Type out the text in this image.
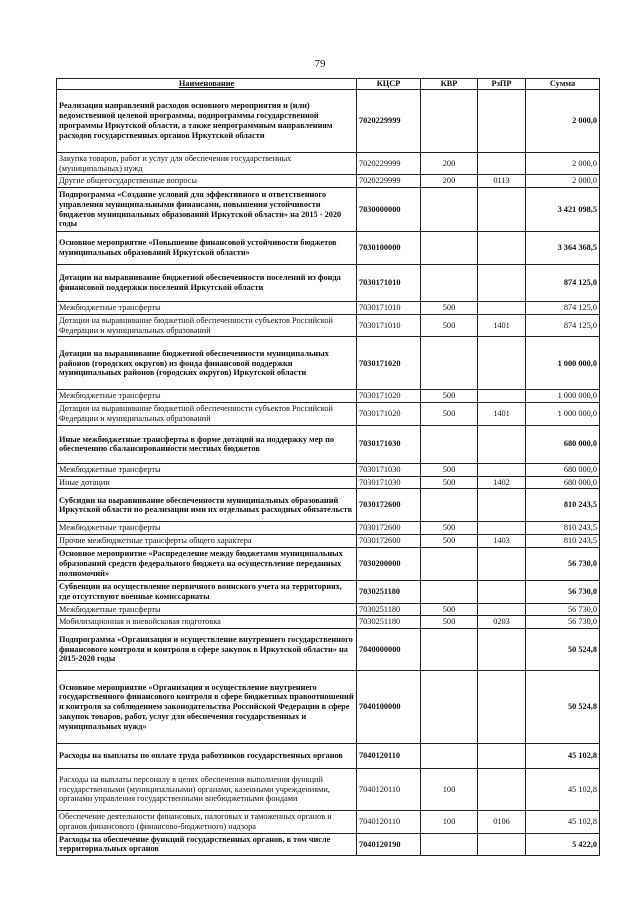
79
Наименование	КЦСР	КВР	РзПР	Сумма
Реализация направлений расходов основного мероприятия и (или) ведомственной целевой программы, подпрограммы государственной программы Иркутской области, а также непрограммным направлениям расходов государственных органов Иркутской области	7020229999			2 000,0
Закупка товаров, работ и услуг для обеспечения государственных (муниципальных) нужд	7020229999	200		2 000,0
Другие общегосударственные вопросы	7020229999	200	0113	2 000,0
Подпрограмма «Создание условий для эффективного и ответственного управления муниципальными финансами, повышения устойчивости бюджетов муниципальных образований Иркутской области» на 2015 - 2020 годы	7030000000			3 421 098,5
Основное мероприятие «Повышение финансовой устойчивости бюджетов муниципальных образований Иркутской области»	7030100000			3 364 368,5
Дотации на выравнивание бюджетной обеспеченности поселений из фонда финансовой поддержки поселений Иркутской области	7030171010			874 125,0
Межбюджетные трансферты	7030171010	500		874 125,0
Дотации на выравнивание бюджетной обеспеченности субъектов Российской Федерации и муниципальных образований	7030171010	500	1401	874 125,0
Дотации на выравнивание бюджетной обеспеченности муниципальных районов (городских округов) из фонда финансовой поддержки муниципальных районов (городских округов) Иркутской области	7030171020			1 000 000,0
Межбюджетные трансферты	7030171020	500		1 000 000,0
Дотации на выравнивание бюджетной обеспеченности субъектов Российской Федерации и муниципальных образований	7030171020	500	1401	1 000 000,0
Иные межбюджетные трансферты в форме дотаций на поддержку мер по обеспечению сбалансированности местных бюджетов	7030171030			680 000,0
Межбюджетные трансферты	7030171030	500		680 000,0
Иные дотации	7030171030	500	1402	680 000,0
Субсидии на выравнивание обеспеченности муниципальных образований Иркутской области по реализации ими их отдельных расходных обязательств	7030172600			810 243,5
Межбюджетные трансферты	7030172600	500		810 243,5
Прочие межбюджетные трансферты общего характера	7030172600	500	1403	810 243,5
Основное мероприятие «Распределение между бюджетами муниципальных образований средств федерального бюджета на осуществление переданных полномочий»	7030200000			56 730,0
Субвенции на осуществление первичного воинского учета на территориях, где отсутствуют военные комиссариаты	7030251180			56 730,0
Межбюджетные трансферты	7030251180	500		56 730,0
Мобилизационная и вневойсковая подготовка	7030251180	500	0203	56 730,0
Подпрограмма «Организация и осуществление внутреннего государственного финансового контроля и контроля в сфере закупок в Иркутской области» на 2015-2020 годы	7040000000			50 524,8
Основное мероприятие «Организация и осуществление внутреннего государственного финансового контроля в сфере бюджетных правоотношений и контроля за соблюдением законодательства Российской Федерации в сфере закупок товаров, работ, услуг для обеспечения государственных и муниципальных нужд»	7040100000			50 524,8
Расходы на выплаты по оплате труда работников государственных органов	7040120110			45 102,8
Расходы на выплаты персоналу в целях обеспечения выполнения функций государственными (муниципальными) органами, казенными учреждениями, органами управления государственными внебюджетными фондами	7040120110	100		45 102,8
Обеспечение деятельности финансовых, налоговых и таможенных органов и органов финансового (финансово-бюджетного) надзора	7040120110	100	0106	45 102,8
Расходы на обеспечение функций государственных органов, в том числе территориальных органов	7040120190			5 422,0
